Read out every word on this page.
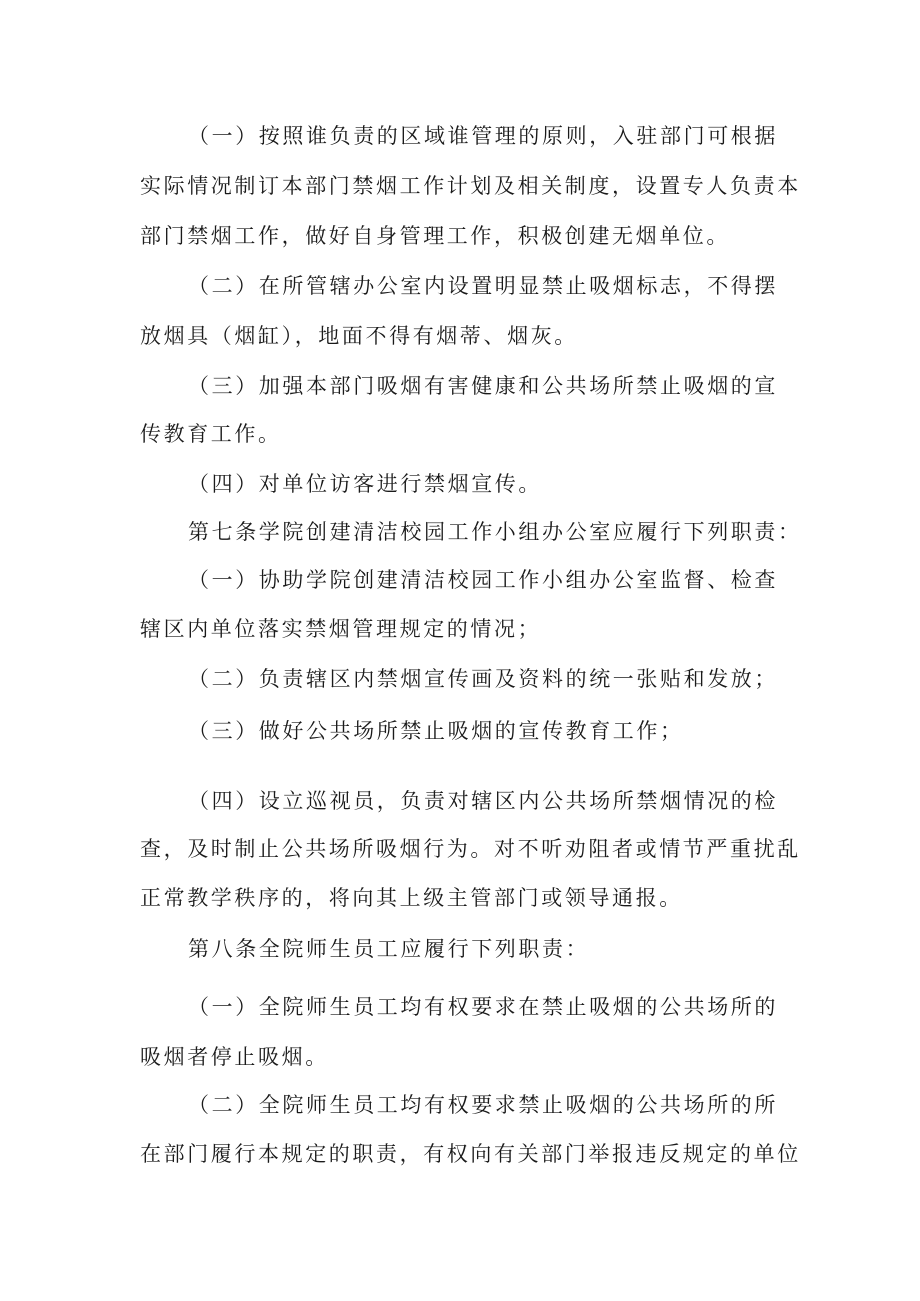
（一）按照谁负责的区域谁管理的原则，入驻部门可根据
实际情况制订本部门禁烟工作计划及相关制度，设置专人负责本
部门禁烟工作，做好自身管理工作，积极创建无烟单位。
（二）在所管辖办公室内设置明显禁止吸烟标志，不得摆
放烟具（烟缸），地面不得有烟蒂、烟灰。
（三）加强本部门吸烟有害健康和公共场所禁止吸烟的宣
传教育工作。
（四）对单位访客进行禁烟宣传。
第七条学院创建清洁校园工作小组办公室应履行下列职责：
（一）协助学院创建清洁校园工作小组办公室监督、检查
辖区内单位落实禁烟管理规定的情况；
（二）负责辖区内禁烟宣传画及资料的统一张贴和发放；
（三）做好公共场所禁止吸烟的宣传教育工作；
（四）设立巡视员，负责对辖区内公共场所禁烟情况的检
查，及时制止公共场所吸烟行为。对不听劝阻者或情节严重扰乱
正常教学秩序的，将向其上级主管部门或领导通报。
第八条全院师生员工应履行下列职责：
（一）全院师生员工均有权要求在禁止吸烟的公共场所的
吸烟者停止吸烟。
（二）全院师生员工均有权要求禁止吸烟的公共场所的所
在部门履行本规定的职责，有权向有关部门举报违反规定的单位
